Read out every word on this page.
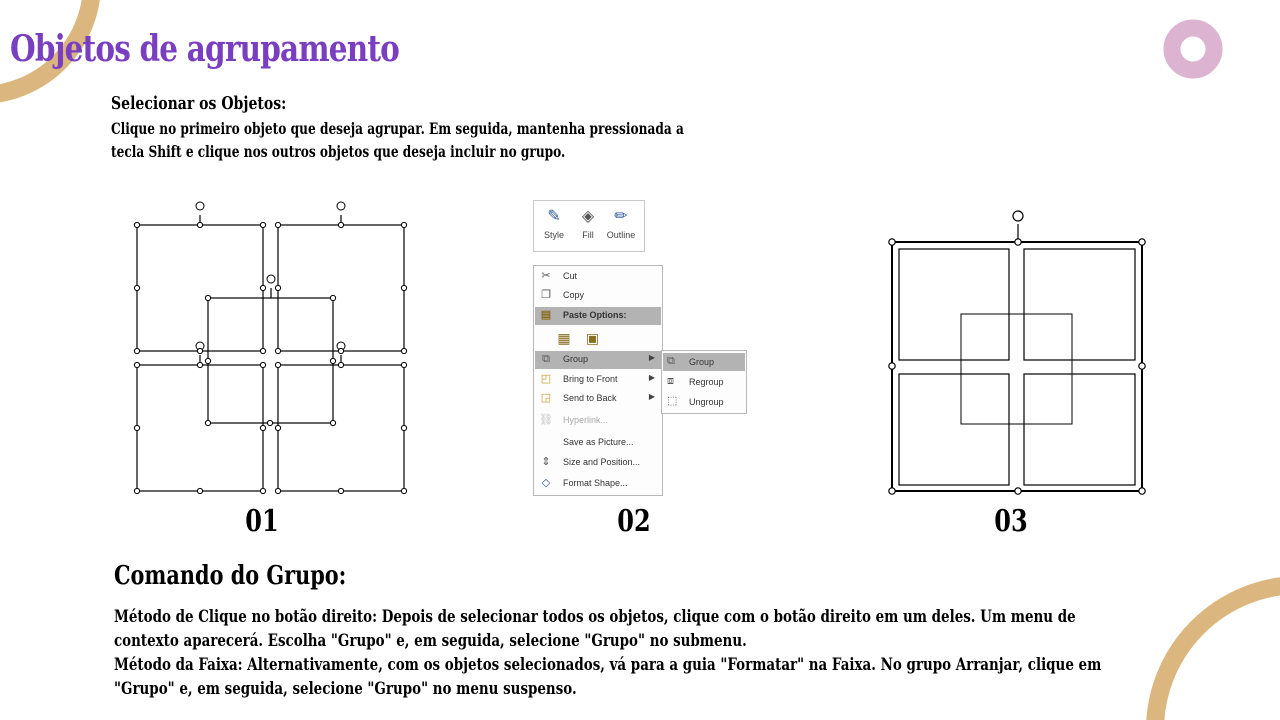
Objetos de agrupamento
Selecionar os Objetos:
Clique no primeiro objeto que deseja agrupar. Em seguida, mantenha pressionada a
tecla Shift e clique nos outros objetos que deseja incluir no grupo.
01
✎
Style
◈
Fill
✏
Outline
✂ Cut
❐ Copy
▤ Paste Options:
▦ ▣
⧉	Group	▶
◰ Bring to Front	▶
◲ Send to Back	▶
⛓ Hyperlink...
Save as Picture...
⇕ Size and Position...
◇	Format Shape...
⧉ Group
⧈ Regroup
⬚ Ungroup
02	03
Comando do Grupo:
Método de Clique no botão direito: Depois de selecionar todos os objetos, clique com o botão direito em um deles. Um menu de
contexto aparecerá. Escolha "Grupo" e, em seguida, selecione "Grupo" no submenu.
Método da Faixa: Alternativamente, com os objetos selecionados, vá para a guia "Formatar" na Faixa. No grupo Arranjar, clique em
"Grupo" e, em seguida, selecione "Grupo" no menu suspenso.
